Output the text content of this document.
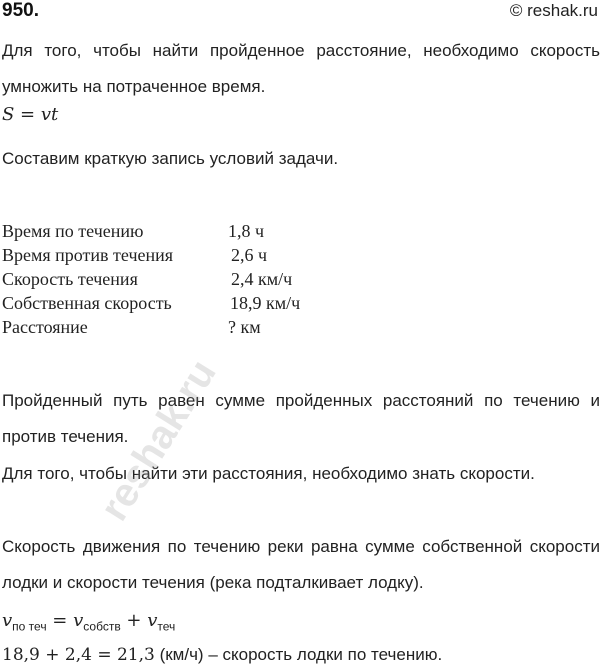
950.	© reshak.ru

Для того, чтобы найти пройденное расстояние, необходимо скорость умножить на потраченное время.

S = vt
Составим краткую запись условий задачи.
Время по течению	1,8 ч
Время против течения	2,6 ч
Скорость течения	2,4 км/ч
Собственная скорость	18,9 км/ч
Расстояние	? км

Пройденный путь равен сумме пройденных расстояний по течению и против течения.

Для того, чтобы найти эти расстояния, необходимо знать скорости.

Скорость движения по течению реки равна сумме собственной скорости лодки и скорости течения (река подталкивает лодку).

$v_{по теч} = v_{собств} + v_{теч}$
18,9 + 2,4 = 21,3 (км/ч) – скорость лодки по течению.
reshak.ru
